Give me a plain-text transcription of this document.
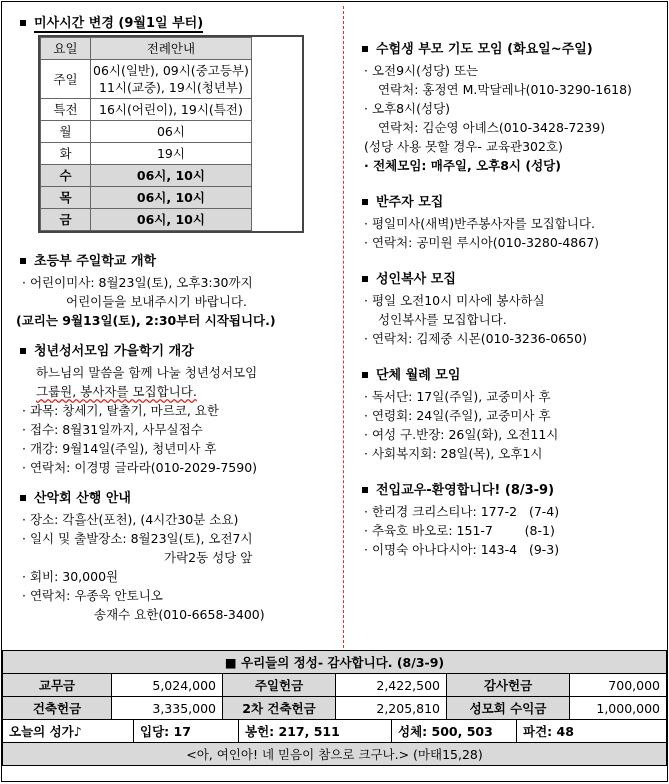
미사시간 변경 (9월1일 부터)
요일	전례안내
주일	06시(일반), 09시(중고등부)
11시(교중), 19시(청년부)

특전	16시(어린이), 19시(특전)
월	06시
화	19시
수	06시, 10시
목	06시, 10시
금	06시, 10시
초등부 주일학교 개학
· 어린이미사: 8월23일(토), 오후3:30까지
어린이들을 보내주시기 바랍니다.
(교리는 9월13일(토), 2:30부터 시작됩니다.)
청년성서모임 가을학기 개강
하느님의 말씀을 함께 나눌 청년성서모임
그룹원, 봉사자를 모집합니다.
· 과목: 창세기, 탈출기, 마르코, 요한
· 접수: 8월31일까지, 사무실접수
· 개강: 9월14일(주일), 청년미사 후
· 연락처: 이경명 글라라(010-2029-7590)
산악회 산행 안내
· 장소: 각흘산(포천), (4시간30분 소요)
· 일시 및 출발장소: 8월23일(토), 오전7시
가락2동 성당 앞
· 회비: 30,000원
· 연락처: 우종욱 안토니오
송재수 요한(010-6658-3400)
수험생 부모 기도 모임 (화요일~주일)
· 오전9시(성당) 또는
연락처: 홍정연 M.막달레나(010-3290-1618)
· 오후8시(성당)
연락처: 김순영 아녜스(010-3428-7239)
(성당 사용 못할 경우- 교육관302호)
· 전체모임: 매주일, 오후8시 (성당)
반주자 모집
· 평일미사(새벽)반주봉사자를 모집합니다.
· 연락처: 공미원 루시아(010-3280-4867)
성인복사 모집
· 평일 오전10시 미사에 봉사하실
성인복사를 모집합니다.
· 연락처: 김제중 시몬(010-3236-0650)
단체 월례 모임
· 독서단: 17일(주일), 교중미사 후
· 연령회: 24일(주일), 교중미사 후
· 여성 구.반장: 26일(화), 오전11시
· 사회복지회: 28일(목), 오후1시
전입교우-환영합니다! (8/3-9)
· 한리경 크리스티나: 177-2   (7-4)
· 추육호 바오로: 151-7        (8-1)
· 이명숙 아나다시아: 143-4   (9-3)
■ 우리들의 정성- 감사합니다. (8/3-9)					
교무금	5,024,000	주일헌금	2,422,500	감사헌금	700,000
건축헌금	3,335,000	2차 건축헌금	2,205,810	성모회 수익금	1,000,000
오늘의 성가♪	입당: 17	봉헌: 217, 511	성체: 500, 503	파견: 48
<아, 여인아! 네 믿음이 참으로 크구나.> (마태15,28)
